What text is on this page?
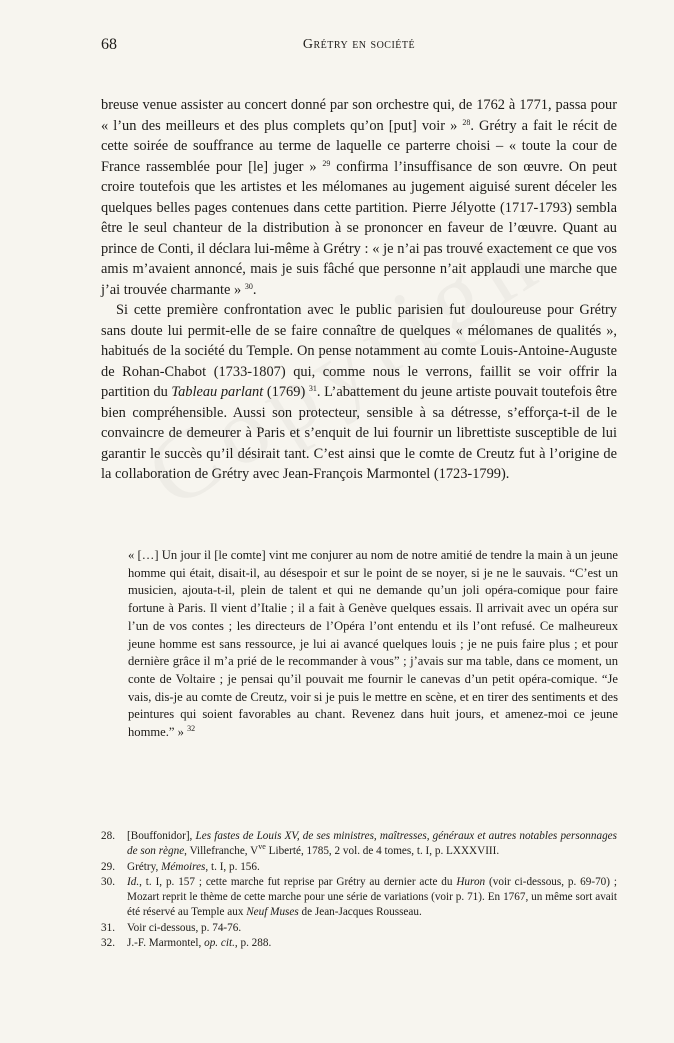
68	Grétry en société

breuse venue assister au concert donné par son orchestre qui, de 1762 à 1771, passa pour « l’un des meilleurs et des plus complets qu’on [put] voir » $^{28}$. Grétry a fait le récit de cette soirée de souffrance au terme de laquelle ce parterre choisi – « toute la cour de France rassemblée pour [le] juger » $^{29}$ confirma l’insuffisance de son œuvre. On peut croire toutefois que les artistes et les mélomanes au jugement aiguisé surent déceler les quelques belles pages contenues dans cette partition. Pierre Jélyotte (1717-1793) sembla être le seul chanteur de la distribution à se prononcer en faveur de l’œuvre. Quant au prince de Conti, il déclara lui-même à Grétry : « je n’ai pas trouvé exactement ce que vos amis m’avaient annoncé, mais je suis fâché que personne n’ait applaudi une marche que j’ai trouvée charmante » $^{30}$.

Si cette première confrontation avec le public parisien fut douloureuse pour Grétry sans doute lui permit-elle de se faire connaître de quelques « mélomanes de qualités », habitués de la société du Temple. On pense notamment au comte Louis-Antoine-Auguste de Rohan-Chabot (1733-1807) qui, comme nous le verrons, faillit se voir offrir la partition du Tableau parlant (1769) $^{31}$. L’abattement du jeune artiste pouvait toutefois être bien compréhensible. Aussi son protecteur, sensible à sa détresse, s’efforça-t-il de le convaincre de demeurer à Paris et s’enquit de lui fournir un librettiste susceptible de lui garantir le succès qu’il désirait tant. C’est ainsi que le comte de Creutz fut à l’origine de la collaboration de Grétry avec Jean-François Marmontel (1723-1799).

« […] Un jour il [le comte] vint me conjurer au nom de notre amitié de tendre la main à un jeune homme qui était, disait-il, au désespoir et sur le point de se noyer, si je ne le sauvais. “C’est un musicien, ajouta-t-il, plein de talent et qui ne demande qu’un joli opéra-comique pour faire fortune à Paris. Il vient d’Italie ; il a fait à Genève quelques essais. Il arrivait avec un opéra sur l’un de vos contes ; les directeurs de l’Opéra l’ont entendu et ils l’ont refusé. Ce malheureux jeune homme est sans ressource, je lui ai avancé quelques louis ; je ne puis faire plus ; et pour dernière grâce il m’a prié de le recommander à vous” ; j’avais sur ma table, dans ce moment, un conte de Voltaire ; je pensai qu’il pouvait me fournir le canevas d’un petit opéra-comique. “Je vais, dis-je au comte de Creutz, voir si je puis le mettre en scène, et en tirer des sentiments et des peintures qui soient favorables au chant. Revenez dans huit jours, et amenez-moi ce jeune homme.” » $^{32}$

28.	[Bouffonidor], Les fastes de Louis XV, de ses ministres, maîtresses, généraux et autres notables personnages de son règne, Villefranche, $V^{ve}$ Liberté, 1785, 2 vol. de 4 tomes, t. I, p. LXXXVIII.
29.	Grétry, Mémoires, t. I, p. 156.
30.	Id., t. I, p. 157 ; cette marche fut reprise par Grétry au dernier acte du Huron (voir ci-dessous, p. 69-70) ; Mozart reprit le thème de cette marche pour une série de variations (voir p. 71). En 1767, un même sort avait été réservé au Temple aux Neuf Muses de Jean-Jacques Rousseau.
31.	Voir ci-dessous, p. 74-76.
32.	J.-F. Marmontel, op. cit., p. 288.
